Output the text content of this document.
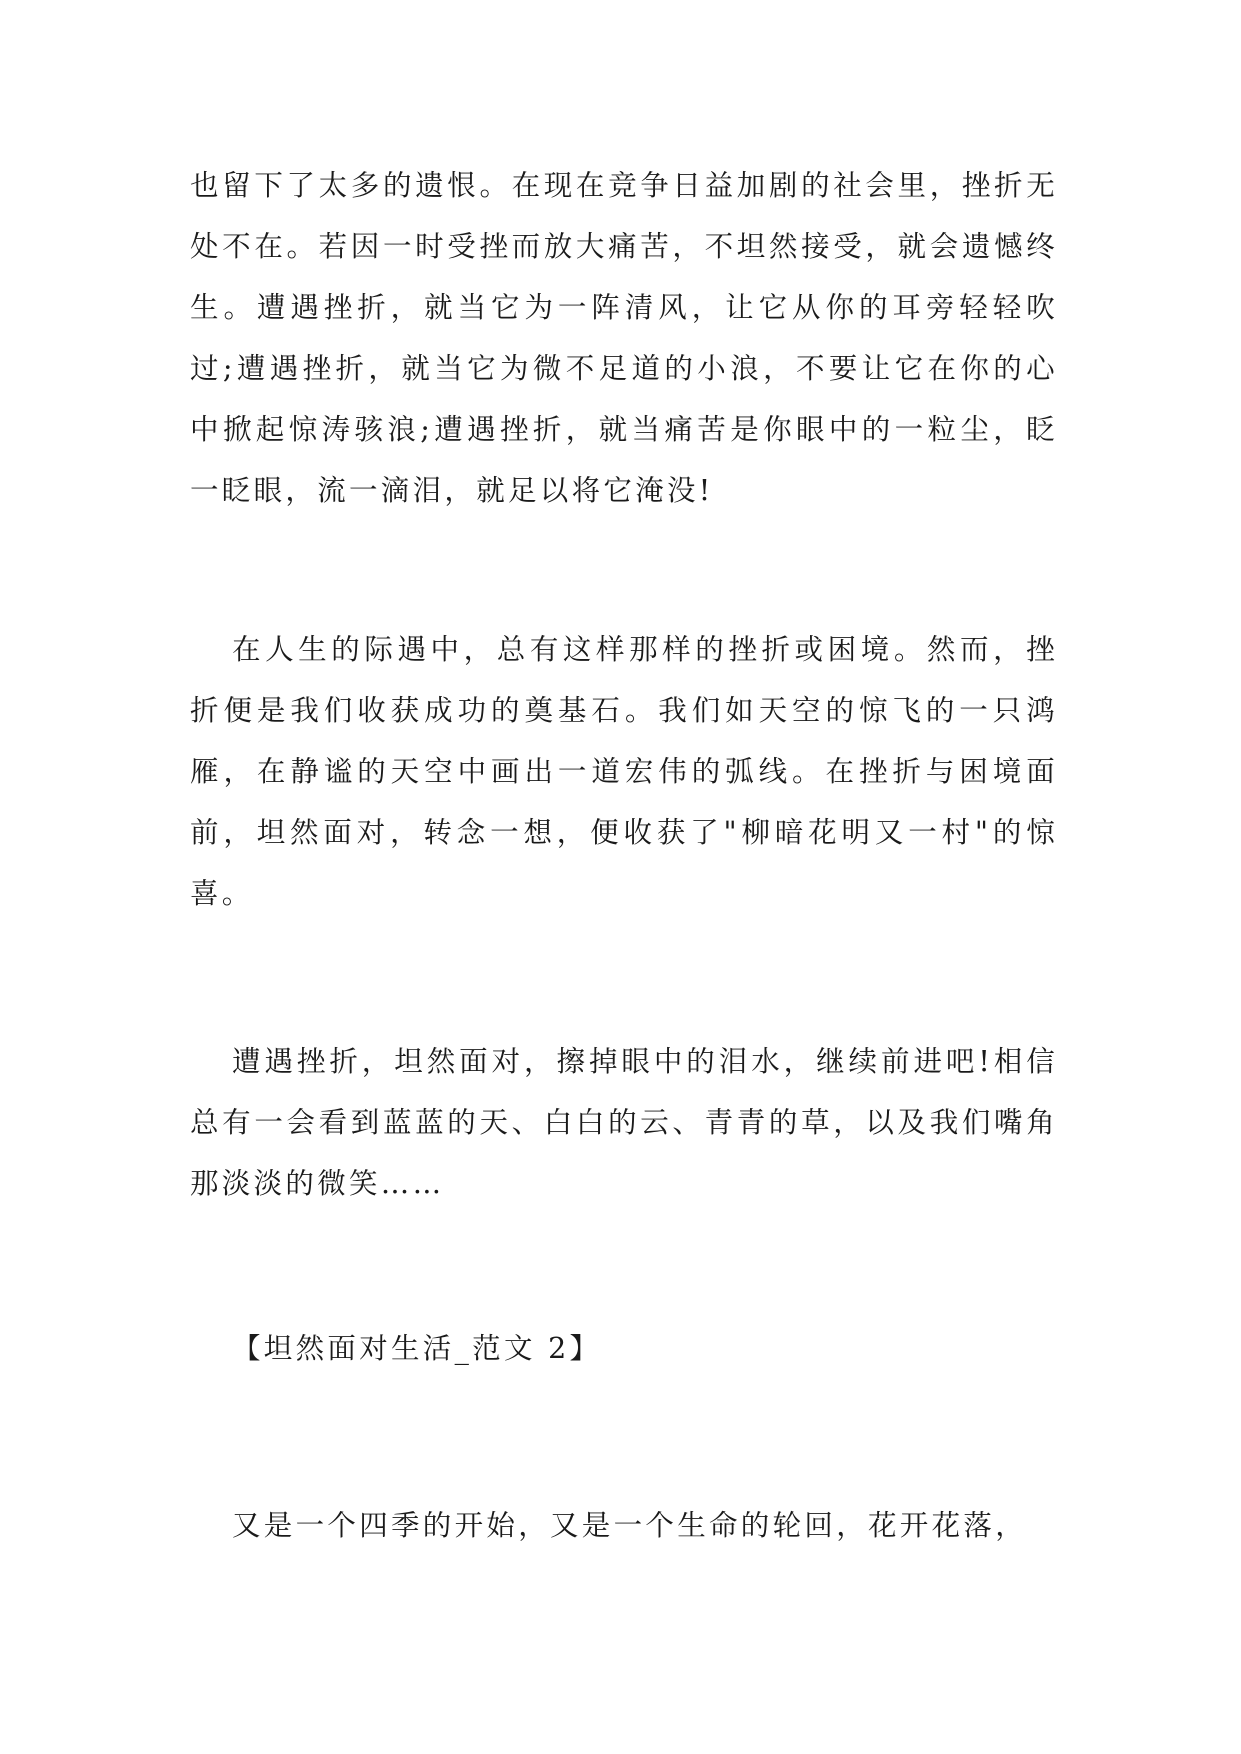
也留下了太多的遗恨。在现在竞争日益加剧的社会里，挫折无处不在。若因一时受挫而放大痛苦，不坦然接受，就会遗憾终生。遭遇挫折，就当它为一阵清风，让它从你的耳旁轻轻吹过;遭遇挫折，就当它为微不足道的小浪，不要让它在你的心中掀起惊涛骇浪;遭遇挫折，就当痛苦是你眼中的一粒尘，眨一眨眼，流一滴泪，就足以将它淹没!

在人生的际遇中，总有这样那样的挫折或困境。然而，挫折便是我们收获成功的奠基石。我们如天空的惊飞的一只鸿雁，在静谧的天空中画出一道宏伟的弧线。在挫折与困境面前，坦然面对，转念一想，便收获了"柳暗花明又一村"的惊喜。

遭遇挫折，坦然面对，擦掉眼中的泪水，继续前进吧!相信总有一会看到蓝蓝的天、白白的云、青青的草，以及我们嘴角那淡淡的微笑……

【坦然面对生活_范文 2】

又是一个四季的开始，又是一个生命的轮回，花开花落，
